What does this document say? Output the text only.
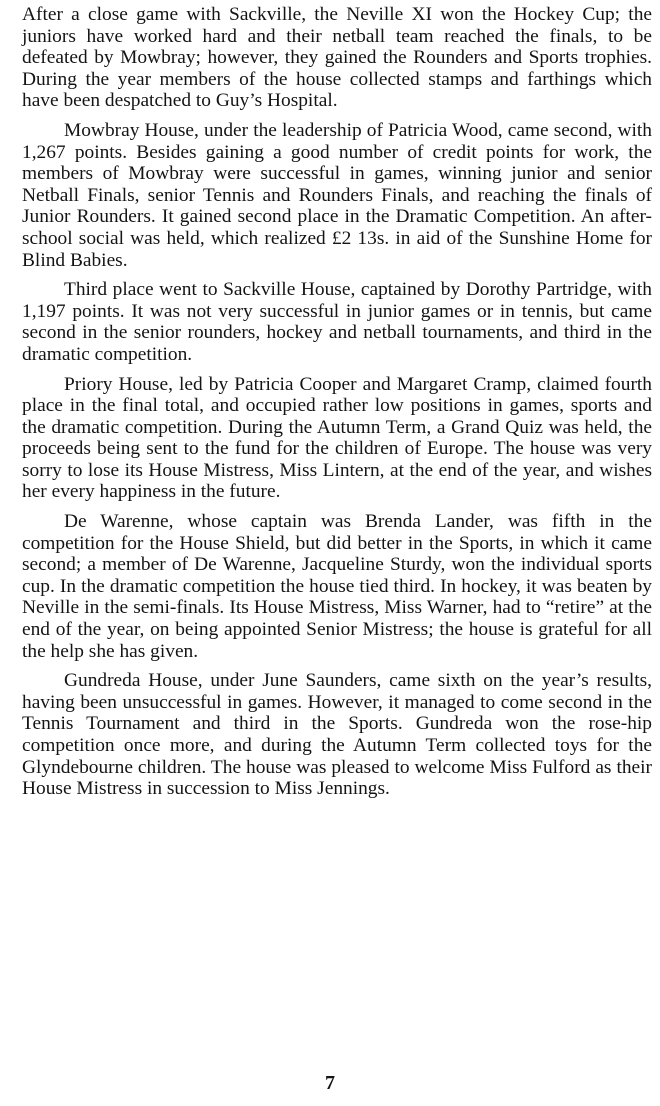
After a close game with Sackville, the Neville XI won the Hockey Cup; the juniors have worked hard and their netball team reached the finals, to be defeated by Mowbray; however, they gained the Rounders and Sports trophies. During the year members of the house collected stamps and farthings which have been despatched to Guy’s Hospital.

Mowbray House, under the leadership of Patricia Wood, came second, with 1,267 points. Besides gaining a good number of credit points for work, the members of Mowbray were successful in games, winning junior and senior Netball Finals, senior Tennis and Rounders Finals, and reaching the finals of Junior Rounders. It gained second place in the Dramatic Competition. An after-school social was held, which realized £2 13s. in aid of the Sunshine Home for Blind Babies.

Third place went to Sackville House, captained by Dorothy Partridge, with 1,197 points. It was not very successful in junior games or in tennis, but came second in the senior rounders, hockey and netball tournaments, and third in the dramatic competition.

Priory House, led by Patricia Cooper and Margaret Cramp, claimed fourth place in the final total, and occupied rather low positions in games, sports and the dramatic competition. During the Autumn Term, a Grand Quiz was held, the proceeds being sent to the fund for the children of Europe. The house was very sorry to lose its House Mistress, Miss Lintern, at the end of the year, and wishes her every happiness in the future.

De Warenne, whose captain was Brenda Lander, was fifth in the competition for the House Shield, but did better in the Sports, in which it came second; a member of De Warenne, Jacqueline Sturdy, won the individual sports cup. In the dramatic competition the house tied third. In hockey, it was beaten by Neville in the semi-finals. Its House Mistress, Miss Warner, had to “retire” at the end of the year, on being appointed Senior Mistress; the house is grateful for all the help she has given.

Gundreda House, under June Saunders, came sixth on the year’s results, having been unsuccessful in games. However, it managed to come second in the Tennis Tournament and third in the Sports. Gundreda won the rose-hip competition once more, and during the Autumn Term collected toys for the Glyndebourne children. The house was pleased to welcome Miss Fulford as their House Mistress in succession to Miss Jennings.

7
